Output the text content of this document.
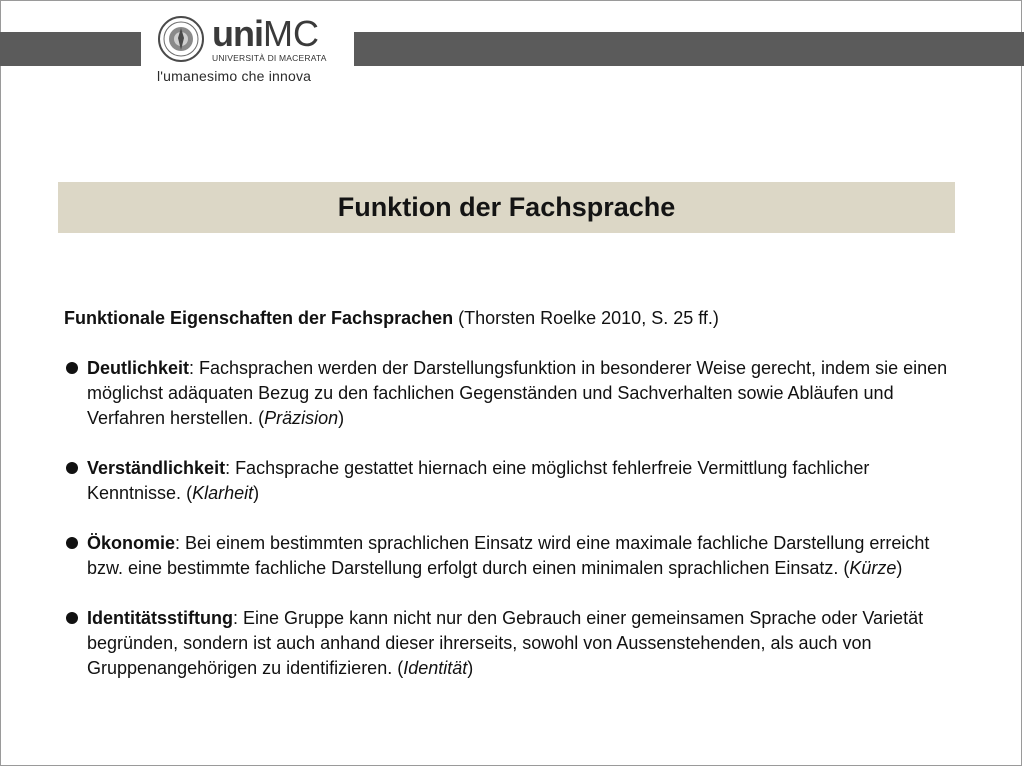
uniMC
UNIVERSITÀ DI MACERATA
l'umanesimo che innova
Funktion der Fachsprache

Funktionale Eigenschaften der Fachsprachen (Thorsten Roelke 2010, S. 25 ff.)

Deutlichkeit: Fachsprachen werden der Darstellungsfunktion in besonderer Weise gerecht, indem sie einen möglichst adäquaten Bezug zu den fachlichen Gegenständen und Sachverhalten sowie Abläufen und Verfahren herstellen. (Präzision)
Verständlichkeit: Fachsprache gestattet hiernach eine möglichst fehlerfreie Vermittlung fachlicher Kenntnisse. (Klarheit)
Ökonomie: Bei einem bestimmten sprachlichen Einsatz wird eine maximale fachliche Darstellung erreicht bzw. eine bestimmte fachliche Darstellung erfolgt durch einen minimalen sprachlichen Einsatz. (Kürze)
Identitätsstiftung: Eine Gruppe kann nicht nur den Gebrauch einer gemeinsamen Sprache oder Varietät begründen, sondern ist auch anhand dieser ihrerseits, sowohl von Aussenstehenden, als auch von Gruppenangehörigen zu identifizieren. (Identität)
